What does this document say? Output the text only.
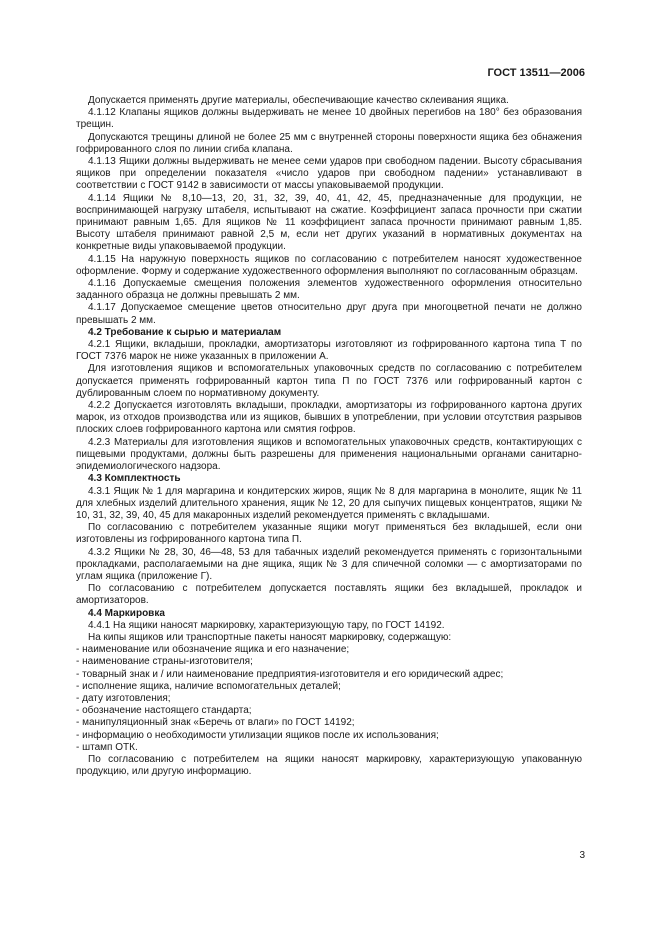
ГОСТ 13511—2006

Допускается применять другие материалы, обеспечивающие качество склеивания ящика.

4.1.12 Клапаны ящиков должны выдерживать не менее 10 двойных перегибов на 180° без образования трещин.

Допускаются трещины длиной не более 25 мм с внутренней стороны поверхности ящика без обнажения гофрированного слоя по линии сгиба клапана.

4.1.13 Ящики должны выдерживать не менее семи ударов при свободном падении. Высоту сбрасывания ящиков при определении показателя «число ударов при свободном падении» устанавливают в соответствии с ГОСТ 9142 в зависимости от массы упаковываемой продукции.

4.1.14 Ящики № 8,10—13, 20, 31, 32, 39, 40, 41, 42, 45, предназначенные для продукции, не воспринимающей нагрузку штабеля, испытывают на сжатие. Коэффициент запаса прочности при сжатии принимают равным 1,65. Для ящиков № 11 коэффициент запаса прочности принимают равным 1,85. Высоту штабеля принимают равной 2,5 м, если нет других указаний в нормативных документах на конкретные виды упаковываемой продукции.

4.1.15 На наружную поверхность ящиков по согласованию с потребителем наносят художественное оформление. Форму и содержание художественного оформления выполняют по согласованным образцам.

4.1.16 Допускаемые смещения положения элементов художественного оформления относительно заданного образца не должны превышать 2 мм.

4.1.17 Допускаемое смещение цветов относительно друг друга при многоцветной печати не должно превышать 2 мм.

4.2 Требование к сырью и материалам

4.2.1 Ящики, вкладыши, прокладки, амортизаторы изготовляют из гофрированного картона типа Т по ГОСТ 7376 марок не ниже указанных в приложении А.

Для изготовления ящиков и вспомогательных упаковочных средств по согласованию с потребителем допускается применять гофрированный картон типа П по ГОСТ 7376 или гофрированный картон с дублированным слоем по нормативному документу.

4.2.2 Допускается изготовлять вкладыши, прокладки, амортизаторы из гофрированного картона других марок, из отходов производства или из ящиков, бывших в употреблении, при условии отсутствия разрывов плоских слоев гофрированного картона или смятия гофров.

4.2.3 Материалы для изготовления ящиков и вспомогательных упаковочных средств, контактирующих с пищевыми продуктами, должны быть разрешены для применения национальными органами санитарно-эпидемиологического надзора.

4.3 Комплектность

4.3.1 Ящик № 1 для маргарина и кондитерских жиров, ящик № 8 для маргарина в монолите, ящик № 11 для хлебных изделий длительного хранения, ящик № 12, 20 для сыпучих пищевых концентратов, ящики № 10, 31, 32, 39, 40, 45 для макаронных изделий рекомендуется применять с вкладышами.

По согласованию с потребителем указанные ящики могут применяться без вкладышей, если они изготовлены из гофрированного картона типа П.

4.3.2 Ящики № 28, 30, 46—48, 53 для табачных изделий рекомендуется применять с горизонтальными прокладками, располагаемыми на дне ящика, ящик № 3 для спичечной соломки — с амортизаторами по углам ящика (приложение Г).

По согласованию с потребителем допускается поставлять ящики без вкладышей, прокладок и амортизаторов.

4.4 Маркировка

4.4.1 На ящики наносят маркировку, характеризующую тару, по ГОСТ 14192.

На кипы ящиков или транспортные пакеты наносят маркировку, содержащую:

- наименование или обозначение ящика и его назначение;
- наименование страны-изготовителя;
- товарный знак и / или наименование предприятия-изготовителя и его юридический адрес;
- исполнение ящика, наличие вспомогательных деталей;
- дату изготовления;
- обозначение настоящего стандарта;
- манипуляционный знак «Беречь от влаги» по ГОСТ 14192;
- информацию о необходимости утилизации ящиков после их использования;
- штамп ОТК.

По согласованию с потребителем на ящики наносят маркировку, характеризующую упакованную продукцию, или другую информацию.

3
